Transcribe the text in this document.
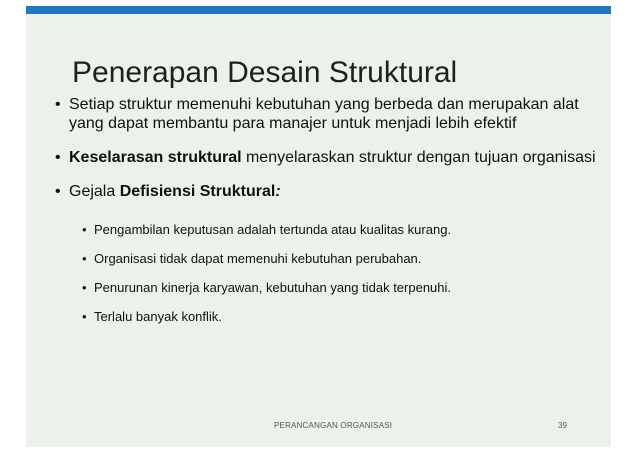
Penerapan Desain Struktural
• Setiap struktur memenuhi kebutuhan yang berbeda dan merupakan alat yang dapat membantu para manajer untuk menjadi lebih efektif
• Keselarasan struktural menyelaraskan struktur dengan tujuan organisasi
• Gejala Defisiensi Struktural:
• Pengambilan keputusan adalah tertunda atau kualitas kurang.
• Organisasi tidak dapat memenuhi kebutuhan perubahan.
• Penurunan kinerja karyawan, kebutuhan yang tidak terpenuhi.
• Terlalu banyak konflik.
PERANCANGAN ORGANISASI	39
